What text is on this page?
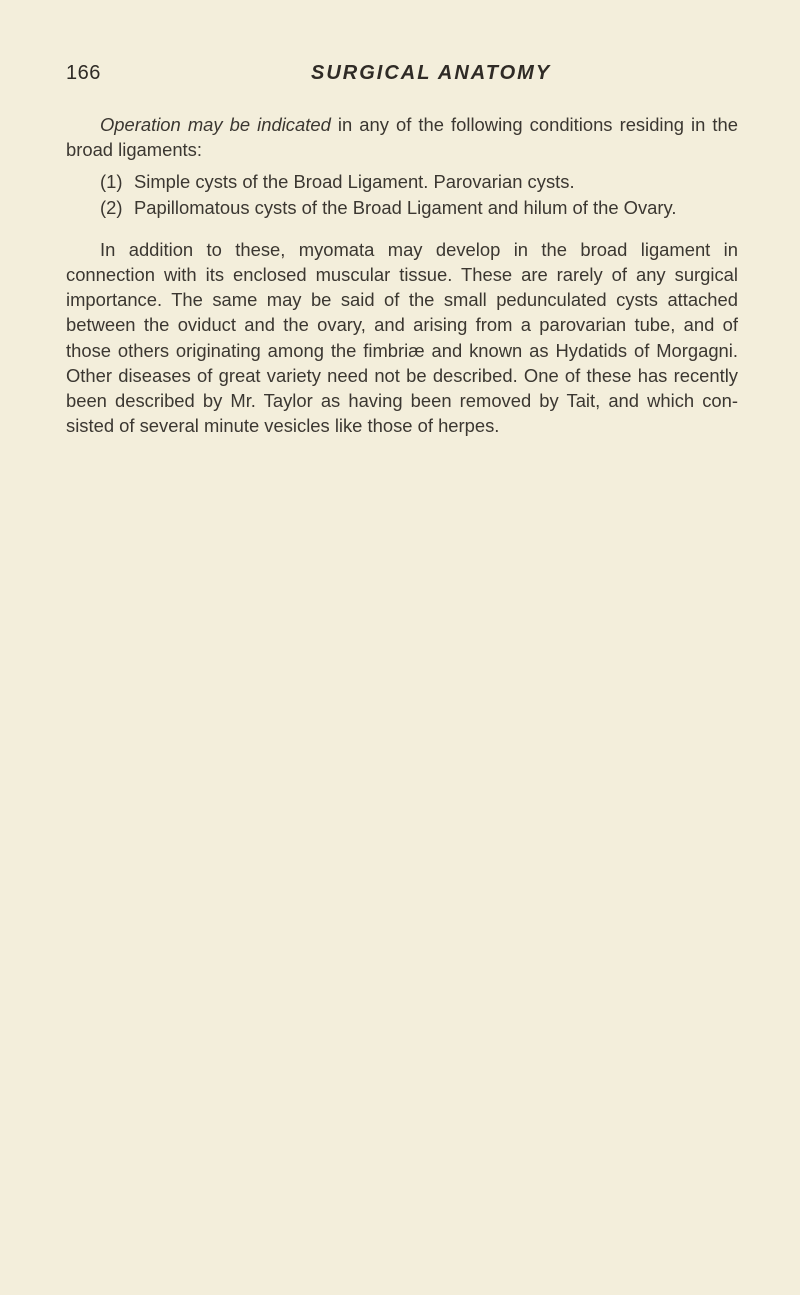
166	SURGICAL ANATOMY

Operation may be indicated in any of the following conditions residing in the broad ligaments:

(1) Simple cysts of the Broad Ligament. Parovarian cysts.
(2) Papillomatous cysts of the Broad Ligament and hilum of the Ovary.

In addition to these, myomata may develop in the broad ligament in connection with its enclosed muscular tissue. These are rarely of any surgical importance. The same may be said of the small pedunculated cysts attached between the oviduct and the ovary, and arising from a parovarian tube, and of those others originating among the fimbriæ and known as Hydatids of Morgagni. Other diseases of great variety need not be described. One of these has recently been described by Mr. Taylor as having been removed by Tait, and which con-sisted of several minute vesicles like those of herpes.
